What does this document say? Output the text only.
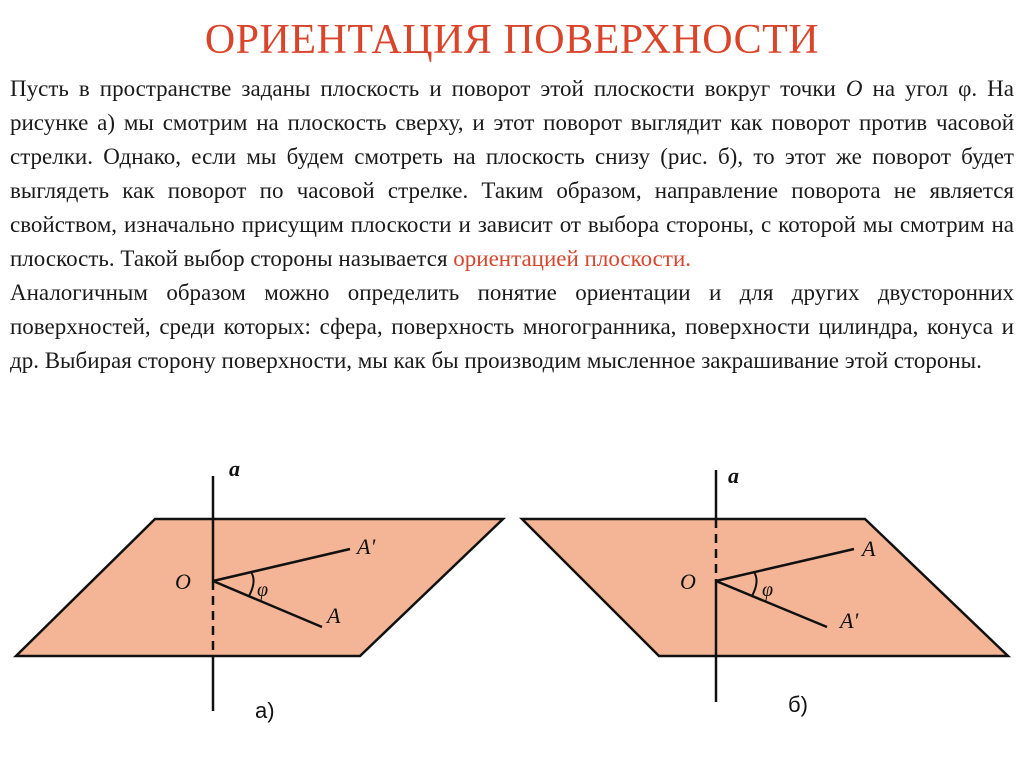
ОРИЕНТАЦИЯ ПОВЕРХНОСТИ

Пусть в пространстве заданы плоскость и поворот этой плоскости вокруг точки O на угол φ. На рисунке а) мы смотрим на плоскость сверху, и этот поворот выглядит как поворот против часовой стрелки. Однако, если мы будем смотреть на плоскость снизу (рис. б), то этот же поворот будет выглядеть как поворот по часовой стрелке. Таким образом, направление поворота не является свойством, изначально присущим плоскости и зависит от выбора стороны, с которой мы смотрим на плоскость. Такой выбор стороны называется ориентацией плоскости.

Аналогичным образом можно определить понятие ориентации и для других двусторонних поверхностей, среди которых: сфера, поверхность многогранника, поверхности цилиндра, конуса и др. Выбирая сторону поверхности, мы как бы производим мысленное закрашивание этой стороны.

a
O	φ
A'
A
а)
a
O	φ
A
A'
б)
